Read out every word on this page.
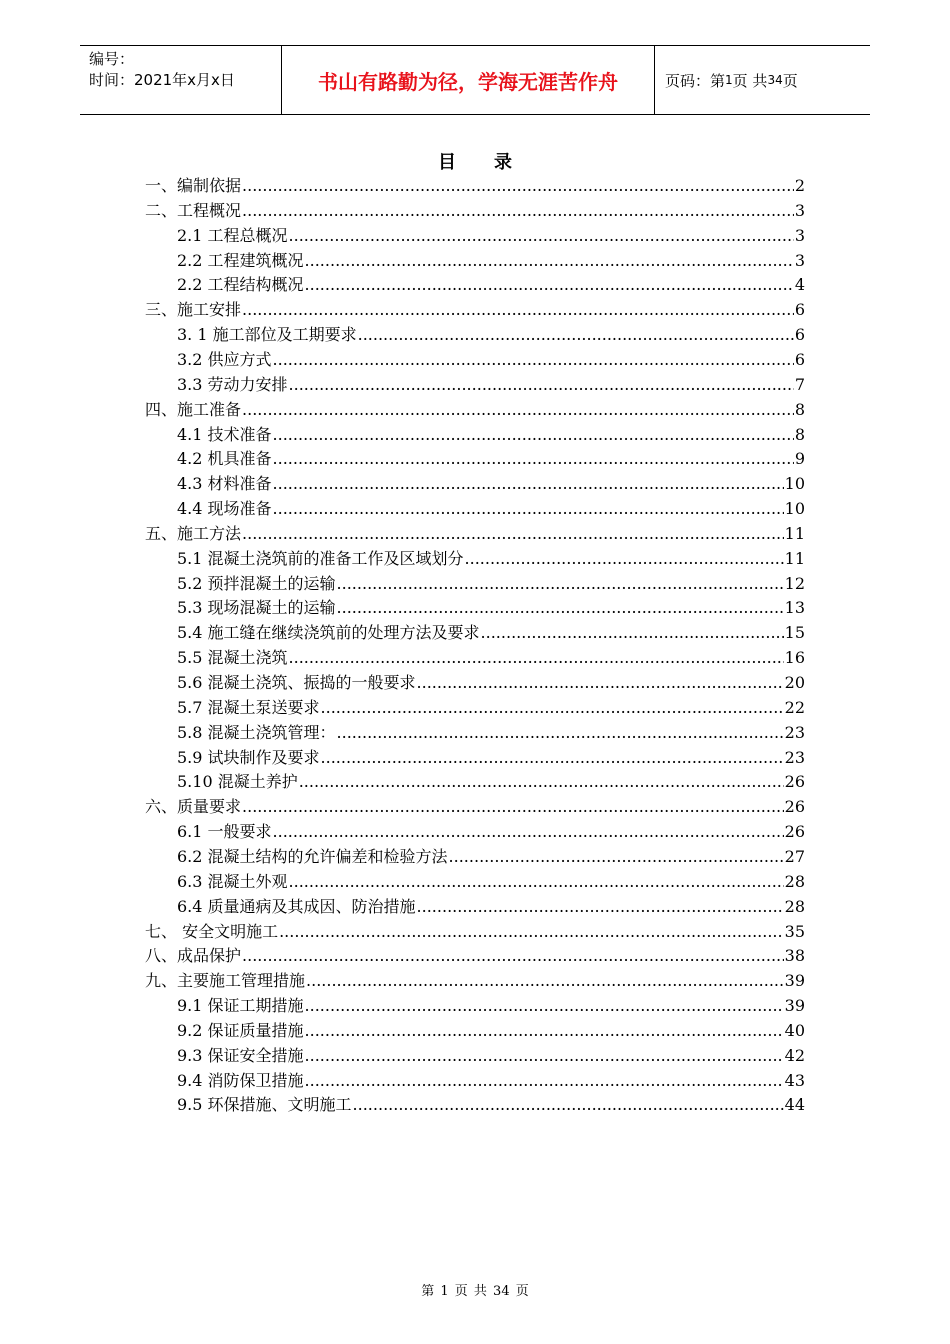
编号：
时间：2021年x月x日	书山有路勤为径，学海无涯苦作舟	页码：第 1 页 共 34 页
目 录
一、编制依据 .....	2
二、工程概况 .....	3
2.1 工程总概况 .....	3
2.2 工程建筑概况 .....	3
2.2 工程结构概况 .....	4
三、施工安排 .....	6
3. 1 施工部位及工期要求 .....	6
3.2 供应方式 .....	6
3.3 劳动力安排 .....	7
四、施工准备 .....	8
4.1 技术准备 .....	8
4.2 机具准备 .....	9
4.3 材料准备 .....	10
4.4 现场准备 .....	10
五、施工方法 .....	11
5.1 混凝土浇筑前的准备工作及区域划分 .....	11
5.2 预拌混凝土的运输 .....	12
5.3 现场混凝土的运输 .....	13
5.4 施工缝在继续浇筑前的处理方法及要求 .....	15
5.5 混凝土浇筑 .....	16
5.6 混凝土浇筑、振捣的一般要求 .....	20
5.7 混凝土泵送要求 .....	22
5.8 混凝土浇筑管理： .....	23
5.9 试块制作及要求 .....	23
5.10 混凝土养护 .....	26
六、质量要求 .....	26
6.1 一般要求 .....	26
6.2 混凝土结构的允许偏差和检验方法 .....	27
6.3 混凝土外观 .....	28
6.4 质量通病及其成因、防治措施 .....	28
七、 安全文明施工 .....	35
八、成品保护 .....	38
九、主要施工管理措施 .....	39
9.1 保证工期措施 .....	39
9.2 保证质量措施 .....	40
9.3 保证安全措施 .....	42
9.4 消防保卫措施 .....	43
9.5 环保措施、文明施工 .....	44
第 1 页 共 34 页
